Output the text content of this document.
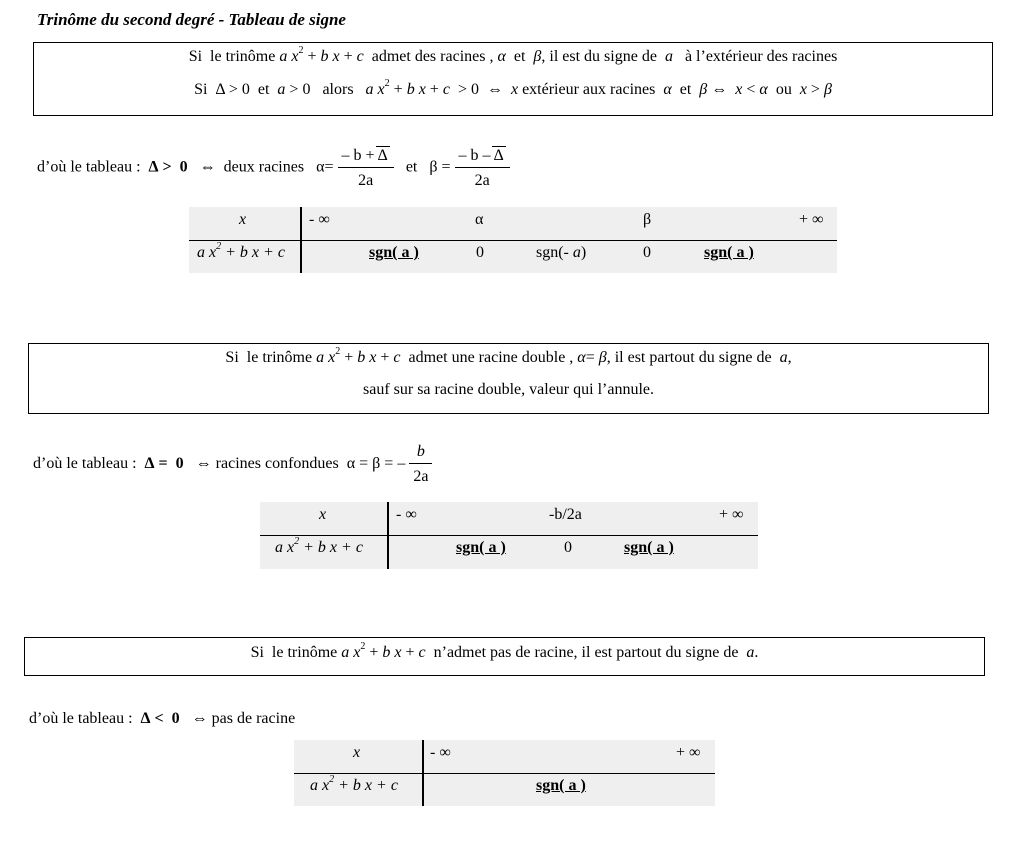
Trinôme du second degré - Tableau de signe
Si le trinôme a $x^2 + b$ x + c admet des racines , α et β, il est du signe de a à l’extérieur des racines
Si Δ > 0 et a > 0 alors a $x^2 + b$ x + c > 0 ⇔ x extérieur aux racines α et β ⇔ x < α ou x > β
d’où le tableau : Δ > 0 ⇔ deux racines $\alpha= \frac{- b + \Delta}{2a}$ et $\beta = \frac{- b - \Delta}{2a}$
x	- ∞	α	β	+ ∞
a $x^2 + b$ x + c	sgn( a )	0	sgn(- a)	0	sgn( a )
Si le trinôme a $x^2 + b$ x + c admet une racine double , α= β, il est partout du signe de a,
sauf sur sa racine double, valeur qui l’annule.
d’où le tableau : Δ = 0 ⇔ racines confondues α = β = – $\frac{b}{2a}$
x	- ∞	-b/2a	+ ∞
a $x^2 + b$ x + c	sgn( a )	0	sgn( a )
Si le trinôme a $x^2 + b$ x + c n’admet pas de racine, il est partout du signe de a.
d’où le tableau : Δ < 0 ⇔ pas de racine
x	- ∞	+ ∞
a $x^2 + b$ x + c	sgn( a )
